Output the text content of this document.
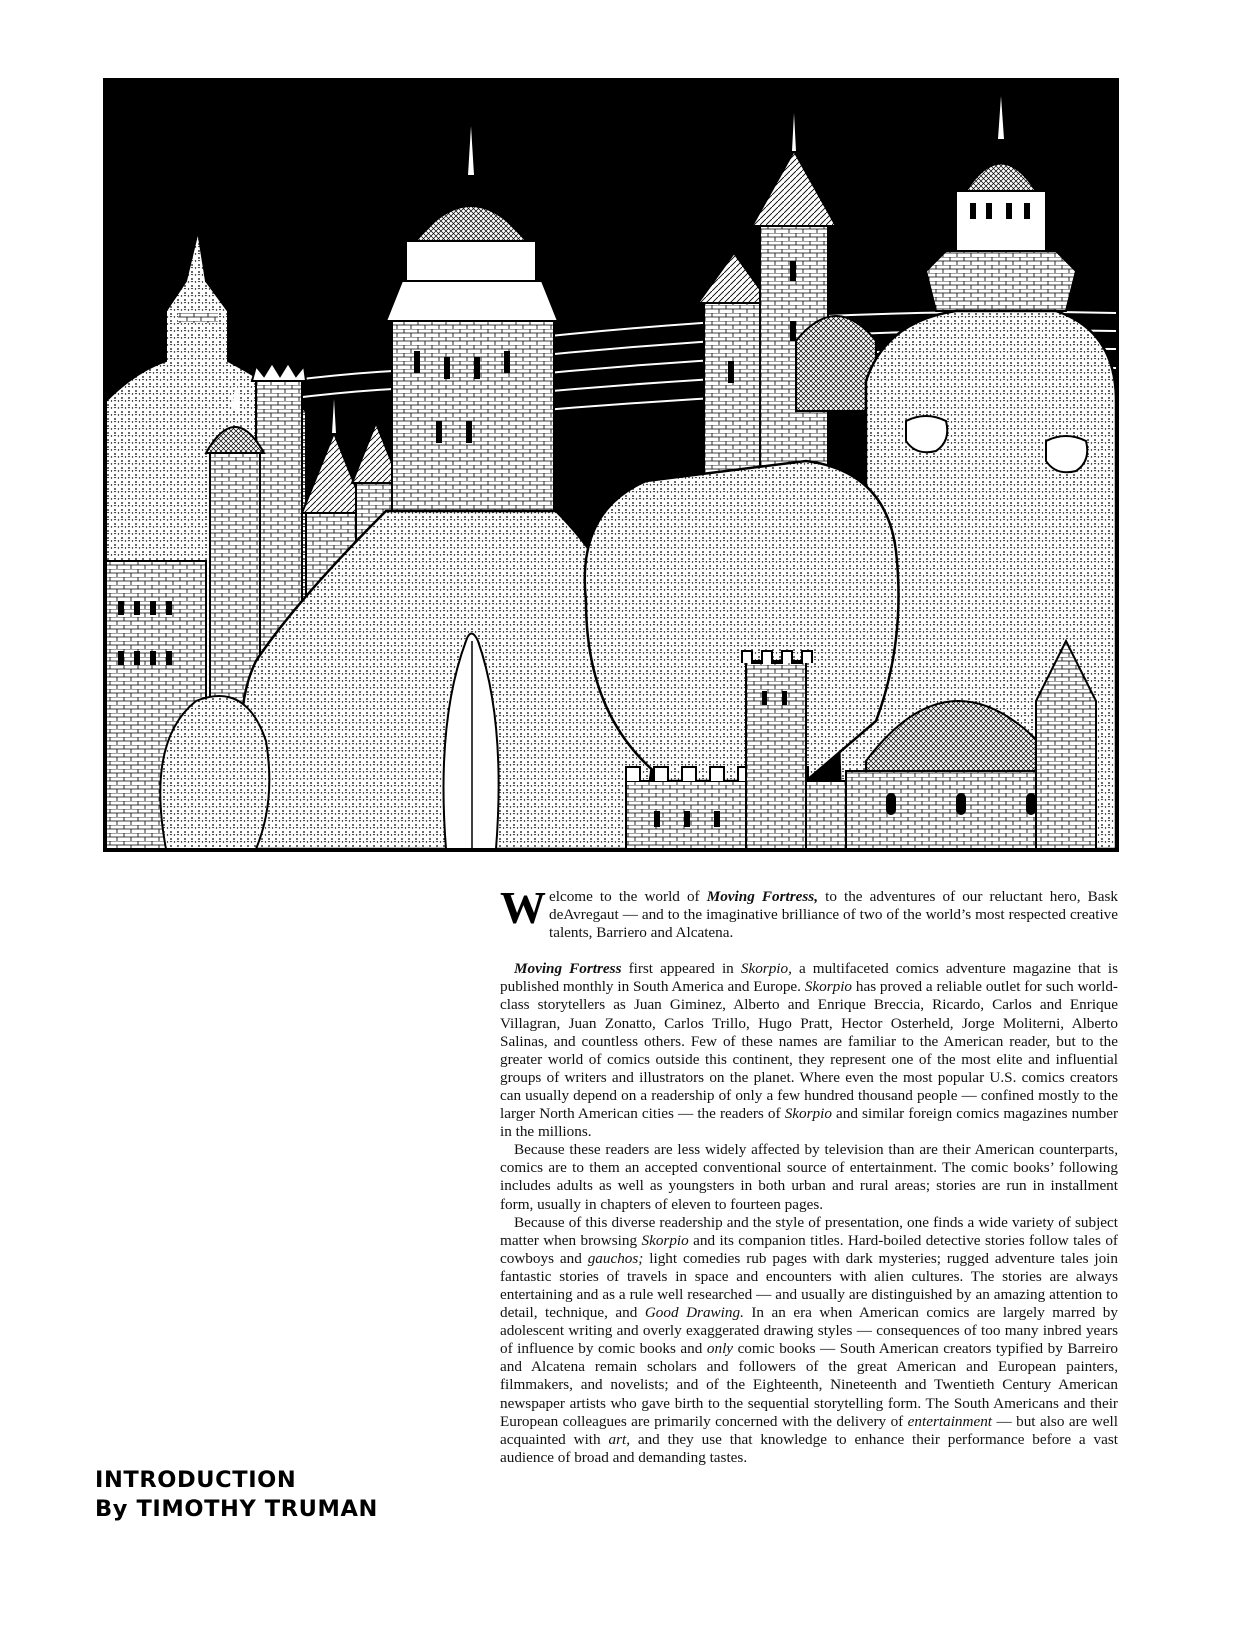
Welcome to the world of Moving Fortress, to the adventures of our reluctant hero, Bask deAvregaut — and to the imaginative brilliance of two of the world’s most respected creative talents, Barriero and Alcatena.

Moving Fortress first appeared in Skorpio, a multifaceted comics adventure magazine that is published monthly in South America and Europe. Skorpio has proved a reliable outlet for such world-class storytellers as Juan Giminez, Alberto and Enrique Breccia, Ricardo, Carlos and Enrique Villagran, Juan Zonatto, Carlos Trillo, Hugo Pratt, Hector Osterheld, Jorge Moliterni, Alberto Salinas, and countless others. Few of these names are familiar to the American reader, but to the greater world of comics outside this continent, they represent one of the most elite and influential groups of writers and illustrators on the planet. Where even the most popular U.S. comics creators can usually depend on a readership of only a few hundred thousand people — confined mostly to the larger North American cities — the readers of Skorpio and similar foreign comics magazines number in the millions.

Because these readers are less widely affected by television than are their American counterparts, comics are to them an accepted conventional source of entertainment. The comic books’ following includes adults as well as youngsters in both urban and rural areas; stories are run in installment form, usually in chapters of eleven to fourteen pages.

Because of this diverse readership and the style of presentation, one finds a wide variety of subject matter when browsing Skorpio and its companion titles. Hard-boiled detective stories follow tales of cowboys and gauchos; light comedies rub pages with dark mysteries; rugged adventure tales join fantastic stories of travels in space and encounters with alien cultures. The stories are always entertaining and as a rule well researched — and usually are distinguished by an amazing attention to detail, technique, and Good Drawing. In an era when American comics are largely marred by adolescent writing and overly exaggerated drawing styles — consequences of too many inbred years of influence by comic books and only comic books — South American creators typified by Barreiro and Alcatena remain scholars and followers of the great American and European painters, filmmakers, and novelists; and of the Eighteenth, Nineteenth and Twentieth Century American newspaper artists who gave birth to the sequential storytelling form. The South Americans and their European colleagues are primarily concerned with the delivery of entertainment — but also are well acquainted with art, and they use that knowledge to enhance their performance before a vast audience of broad and demanding tastes.

INTRODUCTION
By TIMOTHY TRUMAN
